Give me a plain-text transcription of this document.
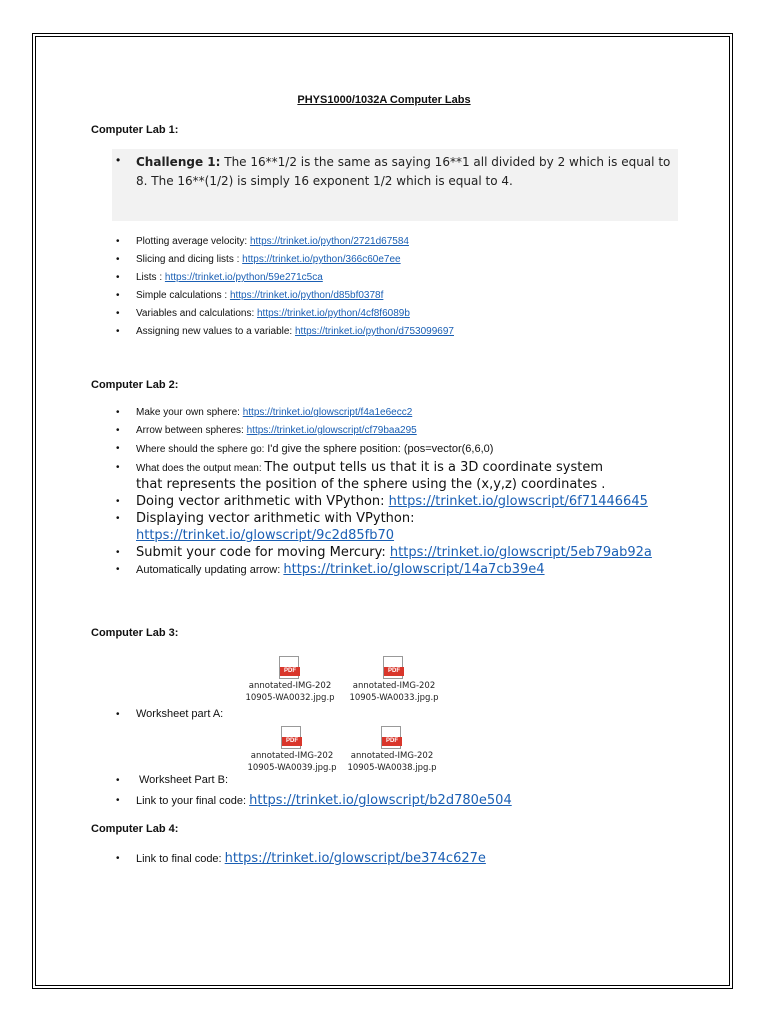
PHYS1000/1032A Computer Labs
Computer Lab 1:
• Challenge 1: The 16**1/2 is the same as saying 16**1 all divided by 2 which is equal to 8. The 16**(1/2) is simply 16 exponent 1/2 which is equal to 4.
• Plotting average velocity: https://trinket.io/python/2721d67584
• Slicing and dicing lists : https://trinket.io/python/366c60e7ee
• Lists : https://trinket.io/python/59e271c5ca
• Simple calculations : https://trinket.io/python/d85bf0378f
• Variables and calculations: https://trinket.io/python/4cf8f6089b
• Assigning new values to a variable: https://trinket.io/python/d753099697
Computer Lab 2:
• Make your own sphere: https://trinket.io/glowscript/f4a1e6ecc2
• Arrow between spheres: https://trinket.io/glowscript/cf79baa295
• Where should the sphere go: I'd give the sphere position: (pos=vector(6,6,0)
• What does the output mean: The output tells us that it is a 3D coordinate system
that represents the position of the sphere using the (x,y,z) coordinates .
• Doing vector arithmetic with VPython: https://trinket.io/glowscript/6f71446645
• Displaying vector arithmetic with VPython:
https://trinket.io/glowscript/9c2d85fb70
• Submit your code for moving Mercury: https://trinket.io/glowscript/5eb79ab92a
• Automatically updating arrow: https://trinket.io/glowscript/14a7cb39e4
Computer Lab 3:
PDF
annotated-IMG-202
10905-WA0032.jpg.p
PDF
annotated-IMG-202
10905-WA0033.jpg.p
• Worksheet part A:
PDF
annotated-IMG-202
10905-WA0039.jpg.p
PDF
annotated-IMG-202
10905-WA0038.jpg.p
• Worksheet Part B:
• Link to your final code: https://trinket.io/glowscript/b2d780e504
Computer Lab 4:
• Link to final code: https://trinket.io/glowscript/be374c627e
